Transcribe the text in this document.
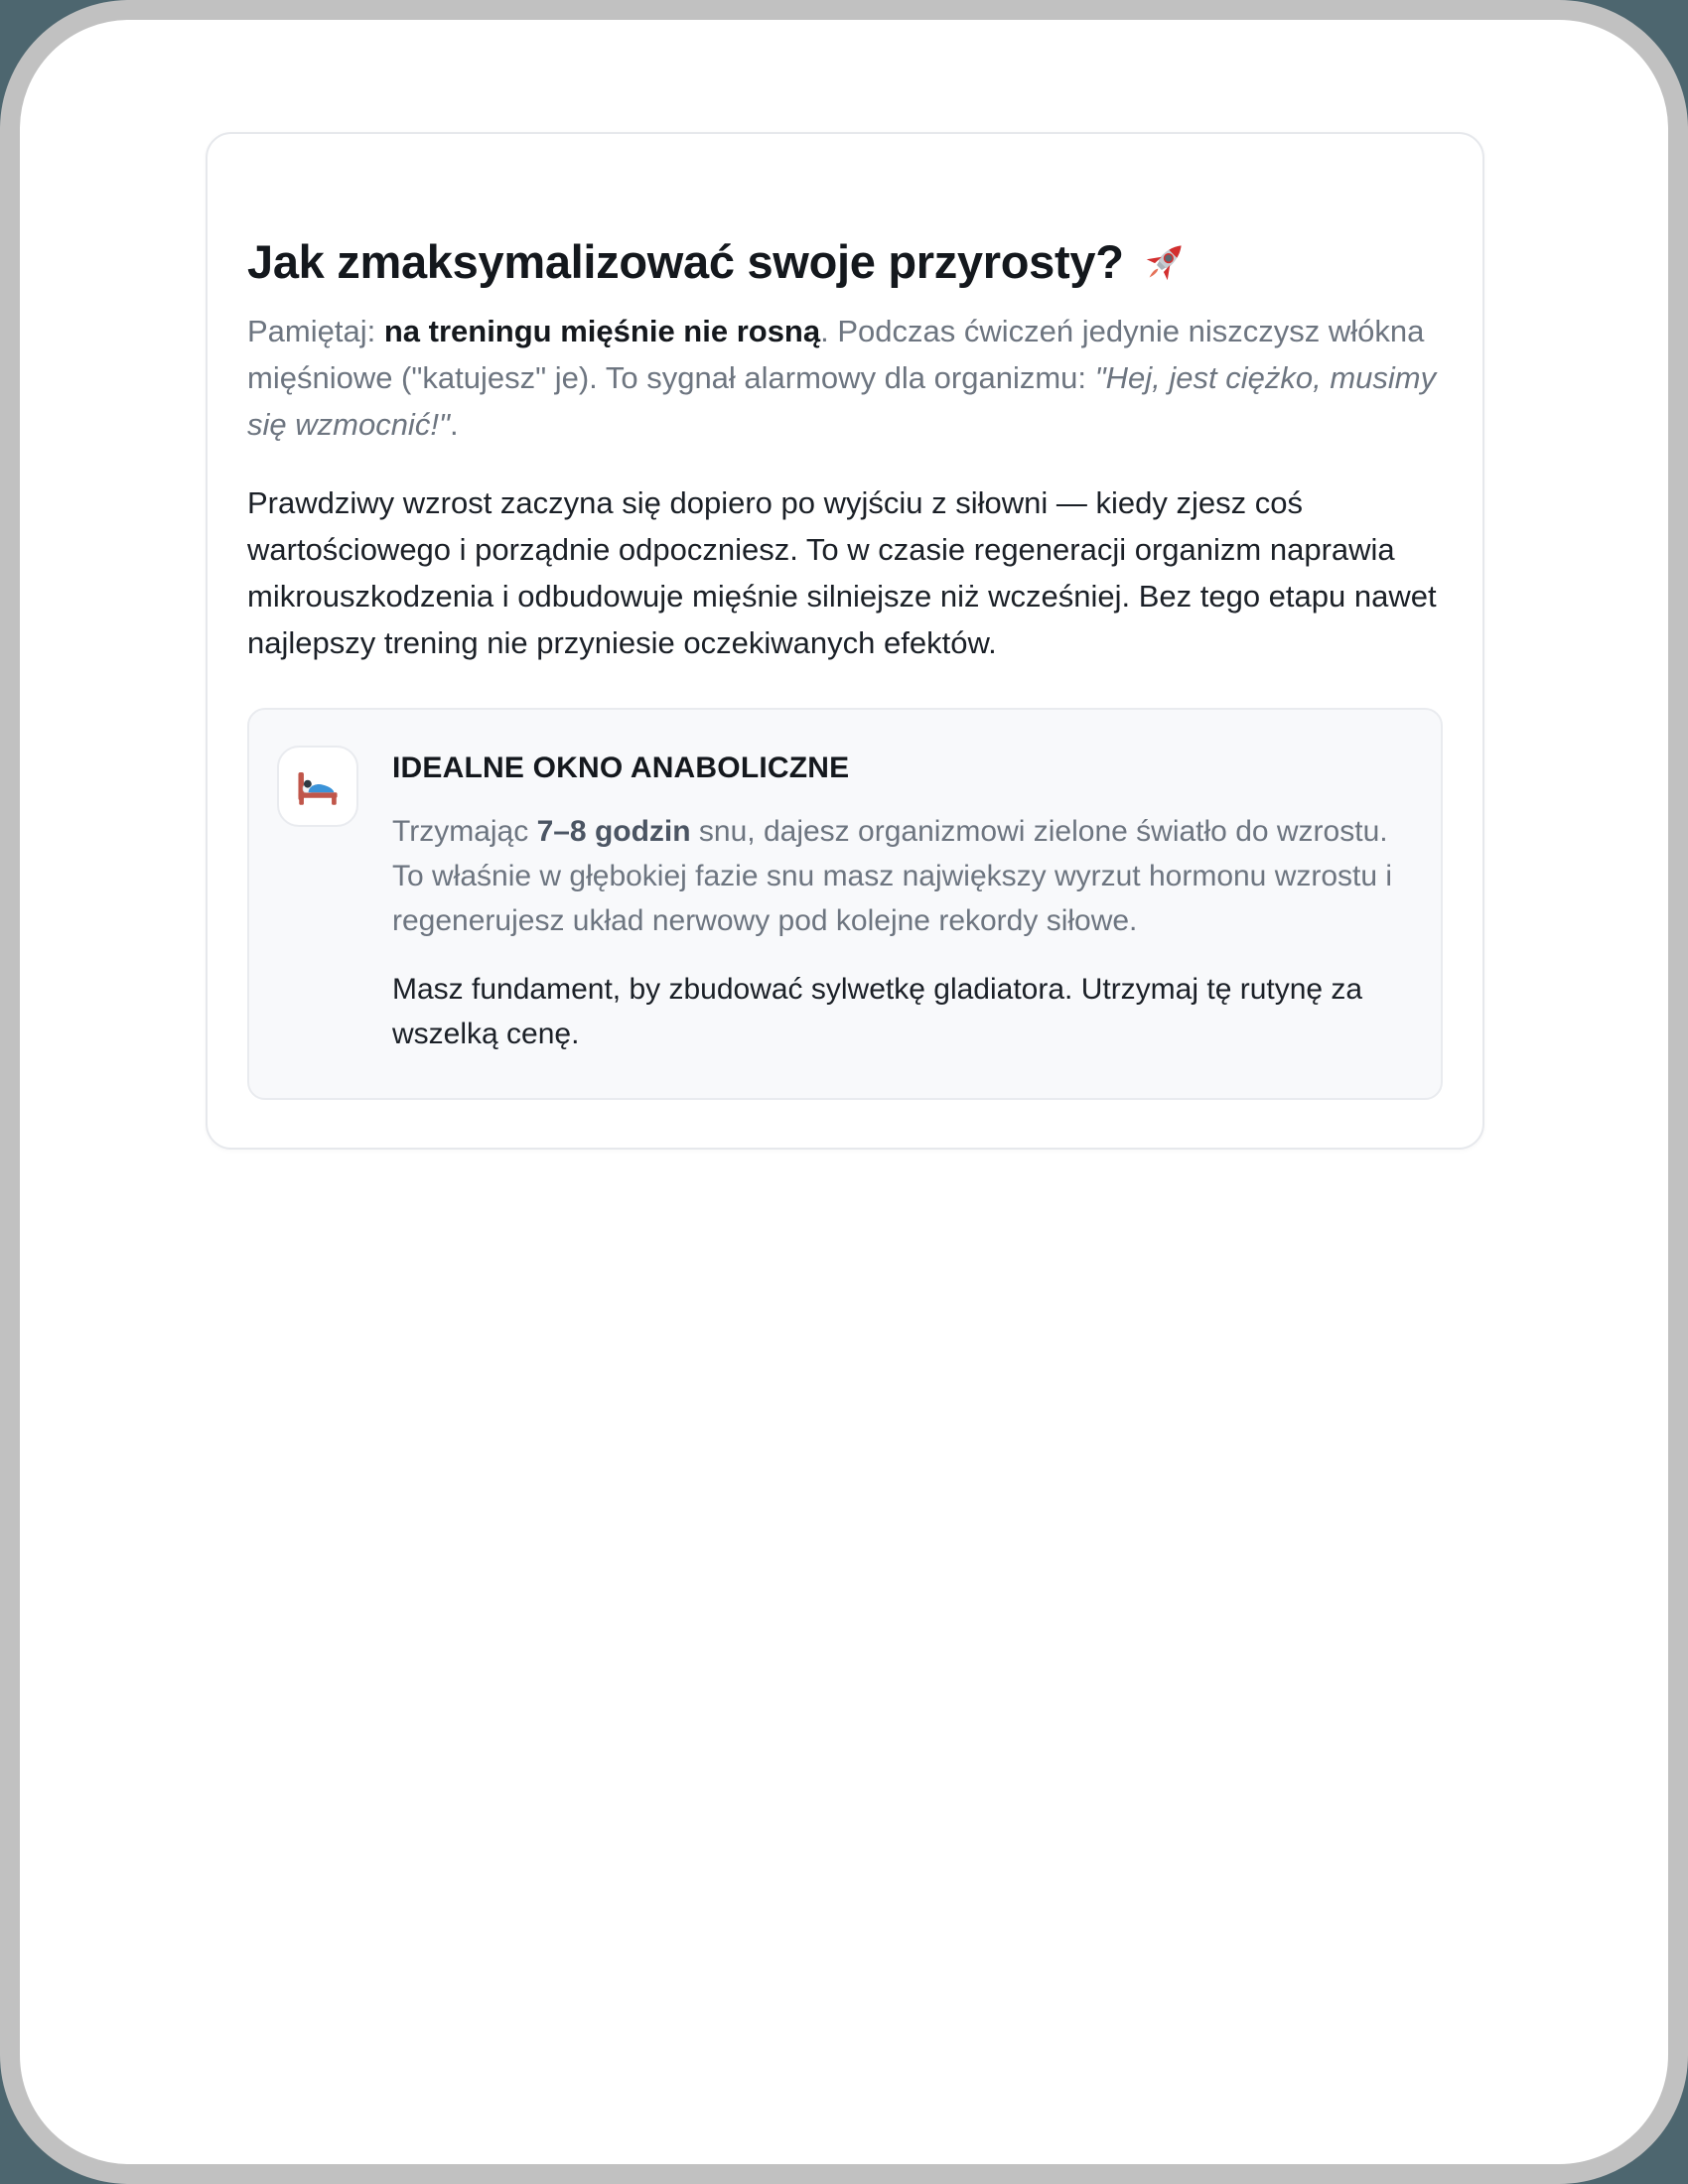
Jak zmaksymalizować swoje przyrosty?

Pamiętaj: na treningu mięśnie nie rosną. Podczas ćwiczeń jedynie niszczysz włókna mięśniowe ("katujesz" je). To sygnał alarmowy dla organizmu: "Hej, jest ciężko, musimy się wzmocnić!".

Prawdziwy wzrost zaczyna się dopiero po wyjściu z siłowni — kiedy zjesz coś wartościowego i porządnie odpoczniesz. To w czasie regeneracji organizm naprawia mikrouszkodzenia i odbudowuje mięśnie silniejsze niż wcześniej. Bez tego etapu nawet najlepszy trening nie przyniesie oczekiwanych efektów.

IDEALNE OKNO ANABOLICZNE

Trzymając 7–8 godzin snu, dajesz organizmowi zielone światło do wzrostu. To właśnie w głębokiej fazie snu masz największy wyrzut hormonu wzrostu i regenerujesz układ nerwowy pod kolejne rekordy siłowe.

Masz fundament, by zbudować sylwetkę gladiatora. Utrzymaj tę rutynę za wszelką cenę.
